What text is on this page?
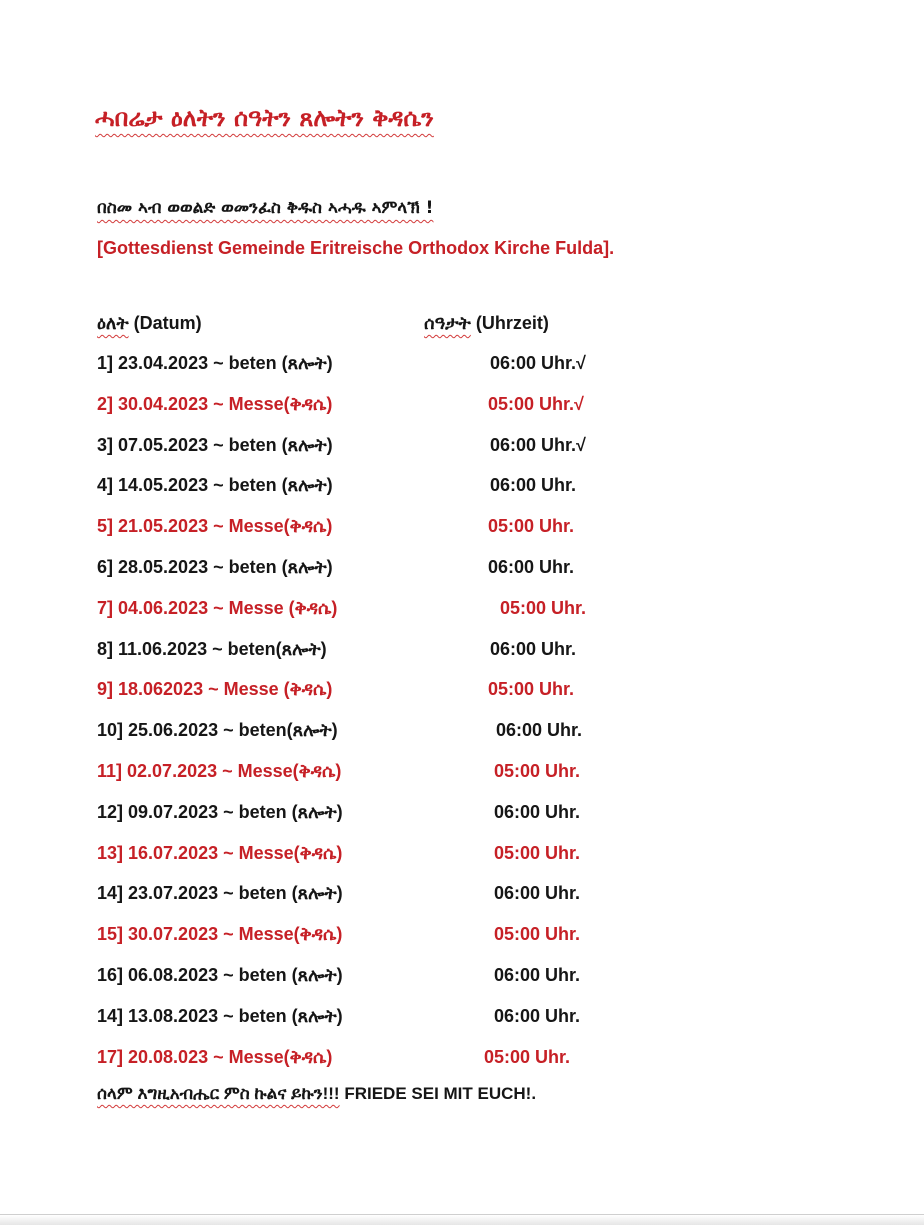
ሓበሬታ ዕለትን ሰዓትን ጸሎትን ቅዳሴን
በስመ ኣብ ወወልድ ወመንፈስ ቅዱስ ኣሓዱ ኣምላኽ !
[Gottesdienst Gemeinde Eritreische Orthodox Kirche Fulda].
ዕለት (Datum)	ሰዓታት (Uhrzeit)
1] 23.04.2023 ~ beten (ጸሎት)	06:00 Uhr.√
2] 30.04.2023 ~ Messe(ቅዳሴ)	05:00 Uhr.√
3] 07.05.2023 ~ beten (ጸሎት)	06:00 Uhr.√
4] 14.05.2023 ~ beten (ጸሎት)	06:00 Uhr.
5] 21.05.2023 ~ Messe(ቅዳሴ)	05:00 Uhr.
6] 28.05.2023 ~ beten (ጸሎት)	06:00 Uhr.
7] 04.06.2023 ~ Messe (ቅዳሴ)	05:00 Uhr.
8] 11.06.2023 ~ beten(ጸሎት)	06:00 Uhr.
9] 18.062023 ~ Messe (ቅዳሴ)	05:00 Uhr.
10] 25.06.2023 ~ beten(ጸሎት)	06:00 Uhr.
11] 02.07.2023 ~ Messe(ቅዳሴ)	05:00 Uhr.
12] 09.07.2023 ~ beten (ጸሎት)	06:00 Uhr.
13] 16.07.2023 ~ Messe(ቅዳሴ)	05:00 Uhr.
14] 23.07.2023 ~ beten (ጸሎት)	06:00 Uhr.
15] 30.07.2023 ~ Messe(ቅዳሴ)	05:00 Uhr.
16] 06.08.2023 ~ beten (ጸሎት)	06:00 Uhr.
14] 13.08.2023 ~ beten (ጸሎት)	06:00 Uhr.
17] 20.08.023 ~ Messe(ቅዳሴ)	05:00 Uhr.
ሰላም እግዚአብሔር ምስ ኩልና ይኩን!!! FRIEDE SEI MIT EUCH!.
